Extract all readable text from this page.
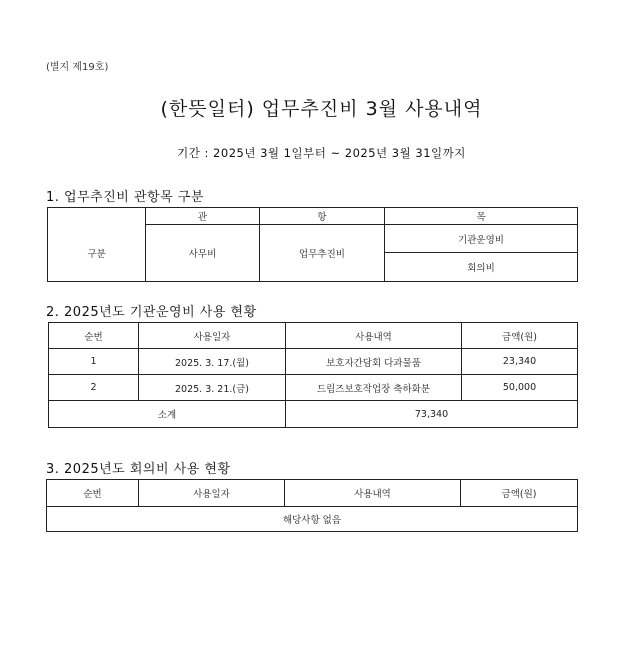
(별지 제19호)
(한뜻일터) 업무추진비 3월 사용내역
기간 : 2025년 3월 1일부터 ~ 2025년 3월 31일까지
1. 업무추진비 관항목 구분
	관	항	목
구분	사무비	업무추진비	기관운영비
			회의비
2. 2025년도 기관운영비 사용 현황
순번	사용일자	사용내역	금액(원)
1	2025. 3. 17.(월)	보호자간담회 다과물품	23,340
2	2025. 3. 21.(금)	드림즈보호작업장 축하화분	50,000
소계		73,340	
3. 2025년도 회의비 사용 현황
순번	사용일자	사용내역	금액(원)
해당사항 없음
